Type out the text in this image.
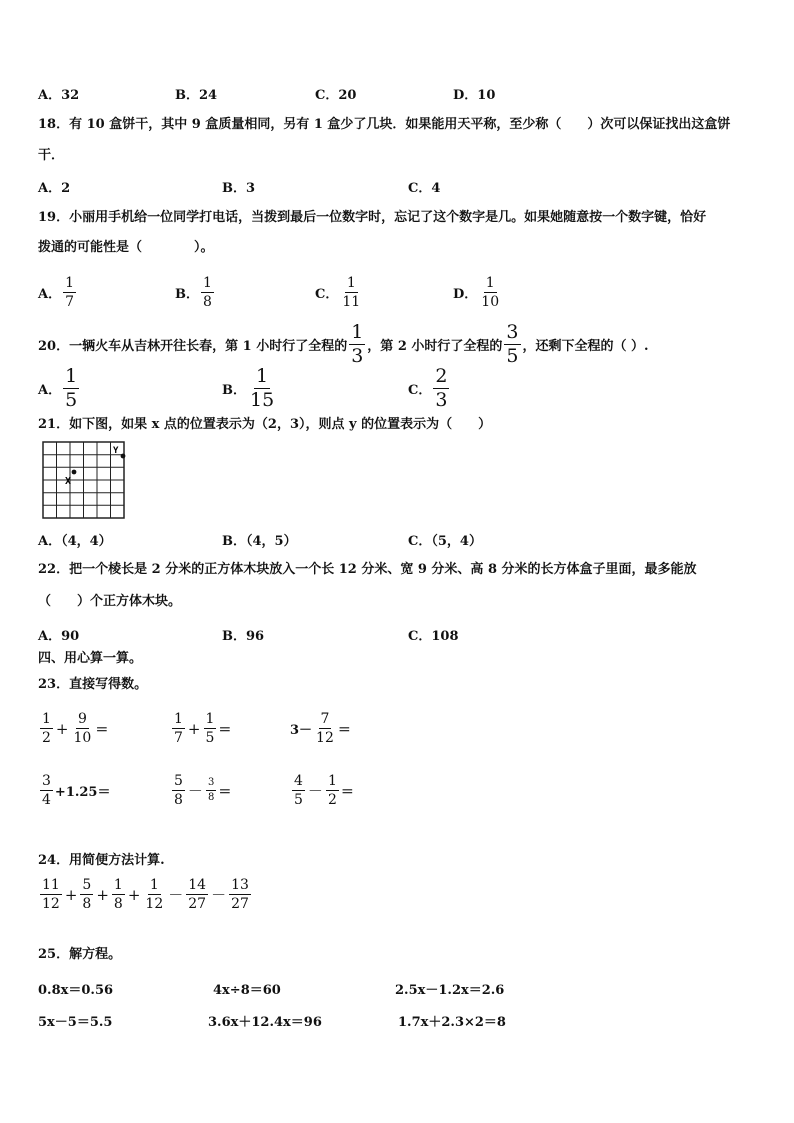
A．32	B．24	C．20	D．10
18．有 10 盒饼干，其中 9 盒质量相同，另有 1 盒少了几块．如果能用天平称，至少称（　　）次可以保证找出这盒饼
干．
A．2	B．3	C．4
19．小丽用手机给一位同学打电话，当拨到最后一位数字时，忘记了这个数字是几。如果她随意按一个数字键，恰好
拨通的可能性是（　　　　）。
A． $\frac{1}{7}$	B． $\frac{1}{8}$	C． $\frac{1}{11}$	D． $\frac{1}{10}$
20．一辆火车从吉林开往长春，第 1 小时行了全程的 $\frac{1}{3}$ ，第 2 小时行了全程的 $\frac{3}{5}$ ，还剩下全程的（ ）.
A． $\frac{1}{5}$	B． $\frac{1}{15}$	C． $\frac{2}{3}$
21．如下图，如果 x 点的位置表示为（2，3），则点 y 的位置表示为（　　）
X
Y
A．（4，4）	B．（4，5）	C．（5，4）
22．把一个棱长是 2 分米的正方体木块放入一个长 12 分米、宽 9 分米、高 8 分米的长方体盒子里面，最多能放
（　　）个正方体木块。
A．90	B．96	C．108
四、用心算一算。
23．直接写得数。
$\frac{1}{2} + \frac{9}{10}$ ＝	$\frac{1}{7} + \frac{1}{5}$ ＝	$3- \frac{7}{12}$ ＝
$\frac{3}{4} +1.25=$	$\frac{5}{8} - \frac{3}{8}$ ＝	$\frac{4}{5} - \frac{1}{2}$ ＝
24．用简便方法计算.
$\frac{11}{12} + \frac{5}{8} + \frac{1}{8} + \frac{1}{12} - \frac{14}{27} - \frac{13}{27}$
25．解方程。
0.8x＝0.56	4x÷8＝60	2.5x－1.2x＝2.6
5x－5＝5.5	3.6x＋12.4x＝96	1.7x＋2.3×2＝8
